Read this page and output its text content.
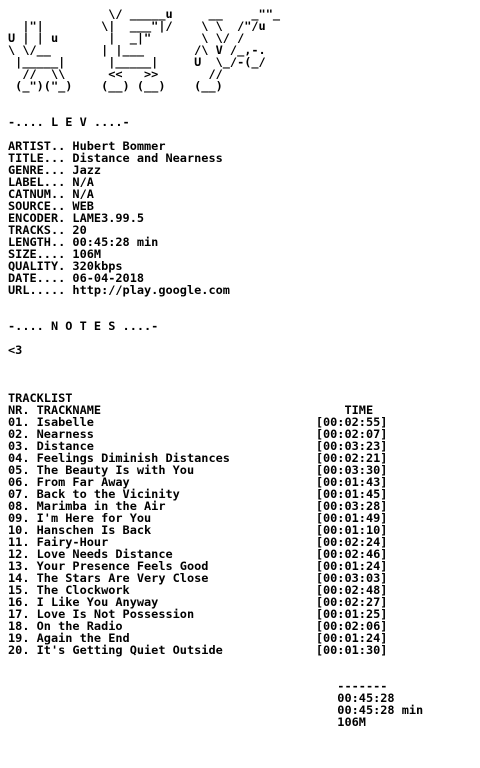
\/ _____u     __    _""_
|"|        \|  ___"|/    \ \  /"/u
U | | u       |  _|"       \ \/ /
\ \/__       | |___       /\ V /_,-.
|_____|      |_____|     U  \_/-(_/
//  \\      <<   >>       //
(_")("_)    (__) (__)    (__)
-.... L E V ....-
ARTIST.. Hubert Bommer
TITLE... Distance and Nearness
GENRE... Jazz
LABEL... N/A
CATNUM.. N/A
SOURCE.. WEB
ENCODER. LAME3.99.5
TRACKS.. 20
LENGTH.. 00:45:28 min
SIZE.... 106M
QUALITY. 320kbps
DATE.... 06-04-2018
URL..... http://play.google.com
-.... N O T E S ....-
<3
TRACKLIST
NR. TRACKNAME                                  TIME
01. Isabelle                               [00:02:55]
02. Nearness                               [00:02:07]
03. Distance                               [00:03:23]
04. Feelings Diminish Distances            [00:02:21]
05. The Beauty Is with You                 [00:03:30]
06. From Far Away                          [00:01:43]
07. Back to the Vicinity                   [00:01:45]
08. Marimba in the Air                     [00:03:28]
09. I'm Here for You                       [00:01:49]
10. Hanschen Is Back                       [00:01:10]
11. Fairy-Hour                             [00:02:24]
12. Love Needs Distance                    [00:02:46]
13. Your Presence Feels Good               [00:01:24]
14. The Stars Are Very Close               [00:03:03]
15. The Clockwork                          [00:02:48]
16. I Like You Anyway                      [00:02:27]
17. Love Is Not Possession                 [00:01:25]
18. On the Radio                           [00:02:06]
19. Again the End                          [00:01:24]
20. It's Getting Quiet Outside             [00:01:30]
-------
00:45:28
00:45:28 min
106M
